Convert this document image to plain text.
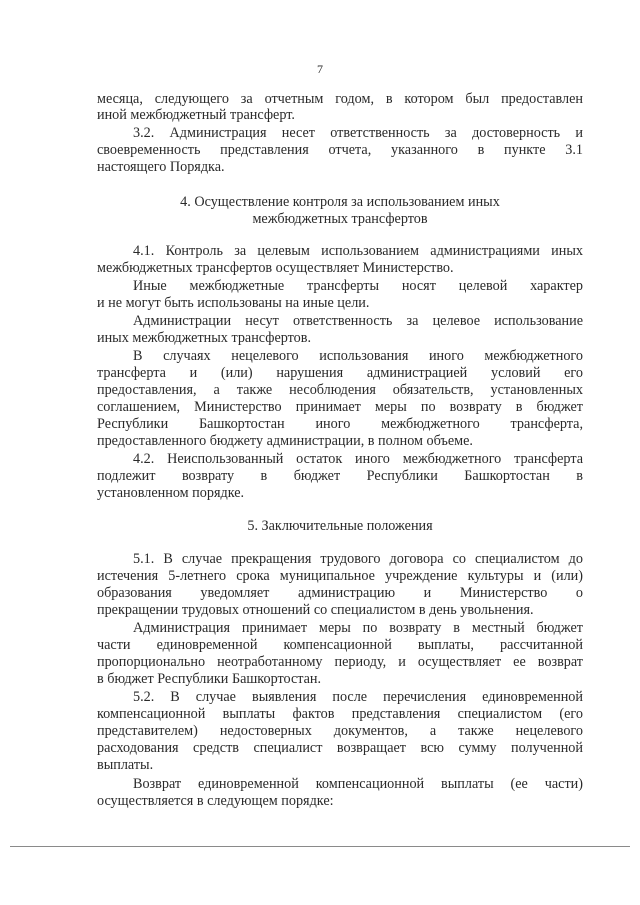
7
месяца, следующего за отчетным годом, в котором был предоставлен
иной межбюджетный трансферт.
3.2. Администрация несет ответственность за достоверность и
своевременность представления отчета, указанного в пункте 3.1
настоящего Порядка.
4.1. Контроль за целевым использованием администрациями иных
межбюджетных трансфертов осуществляет Министерство.
Иные межбюджетные трансферты носят целевой характер
и не могут быть использованы на иные цели.
Администрации несут ответственность за целевое использование
иных межбюджетных трансфертов.
В случаях нецелевого использования иного межбюджетного
трансферта и (или) нарушения администрацией условий его
предоставления, а также несоблюдения обязательств, установленных
соглашением, Министерство принимает меры по возврату в бюджет
Республики Башкортостан иного межбюджетного трансферта,
предоставленного бюджету администрации, в полном объеме.
4.2. Неиспользованный остаток иного межбюджетного трансферта
подлежит возврату в бюджет Республики Башкортостан в
установленном порядке.
5.1. В случае прекращения трудового договора со специалистом до
истечения 5-летнего срока муниципальное учреждение культуры и (или)
образования уведомляет администрацию и Министерство о
прекращении трудовых отношений со специалистом в день увольнения.
Администрация принимает меры по возврату в местный бюджет
части единовременной компенсационной выплаты, рассчитанной
пропорционально неотработанному периоду, и осуществляет ее возврат
в бюджет Республики Башкортостан.
5.2. В случае выявления после перечисления единовременной
компенсационной выплаты фактов представления специалистом (его
представителем) недостоверных документов, а также нецелевого
расходования средств специалист возвращает всю сумму полученной
выплаты.
Возврат единовременной компенсационной выплаты (ее части)
осуществляется в следующем порядке:
4. Осуществление контроля за использованием иных
межбюджетных трансфертов
5. Заключительные положения
